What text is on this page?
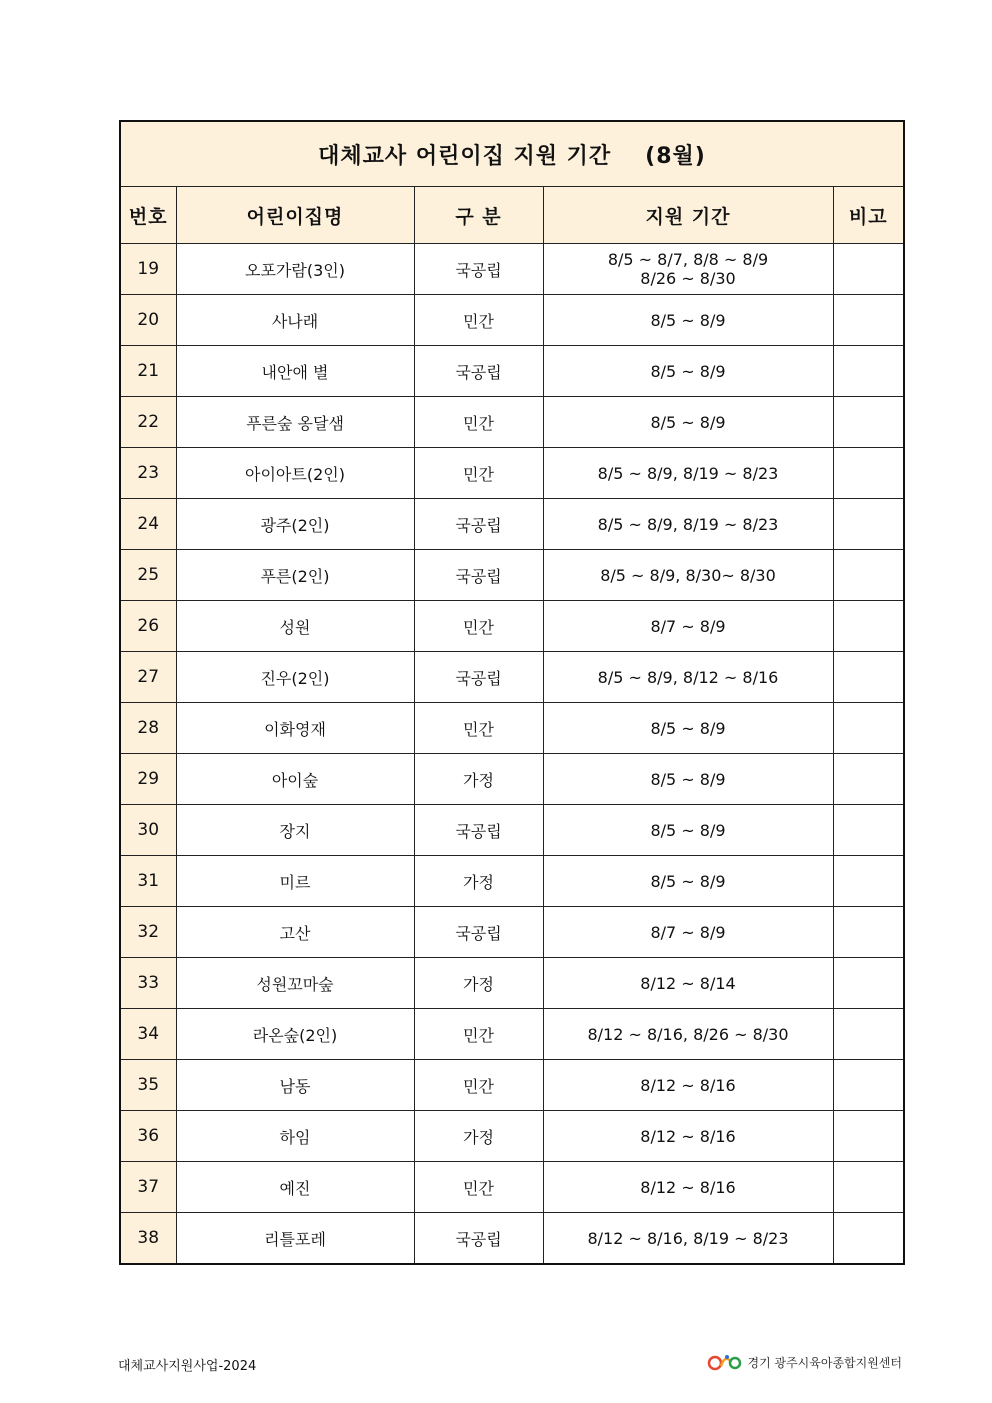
대체교사 어린이집 지원 기간 (8월)				
번호	어린이집명	구 분	지원 기간	비고
19	오포가람(3인)	국공립	8/5 ~ 8/7, 8/8 ~ 8/9
8/26 ~ 8/30	

20	사나래	민간	8/5 ~ 8/9	

21	내안애 별	국공립	8/5 ~ 8/9	

22	푸른숲 옹달샘	민간	8/5 ~ 8/9	

23	아이아트(2인)	민간	8/5 ~ 8/9, 8/19 ~ 8/23	

24	광주(2인)	국공립	8/5 ~ 8/9, 8/19 ~ 8/23	

25	푸른(2인)	국공립	8/5 ~ 8/9, 8/30~ 8/30	

26	성원	민간	8/7 ~ 8/9	

27	진우(2인)	국공립	8/5 ~ 8/9, 8/12 ~ 8/16	

28	이화영재	민간	8/5 ~ 8/9	

29	아이숲	가정	8/5 ~ 8/9	

30	장지	국공립	8/5 ~ 8/9	

31	미르	가정	8/5 ~ 8/9	

32	고산	국공립	8/7 ~ 8/9	

33	성원꼬마숲	가정	8/12 ~ 8/14	

34	라온숲(2인)	민간	8/12 ~ 8/16, 8/26 ~ 8/30	

35	남동	민간	8/12 ~ 8/16	

36	하임	가정	8/12 ~ 8/16	

37	예진	민간	8/12 ~ 8/16	

38	리틀포레	국공립	8/12 ~ 8/16, 8/19 ~ 8/23	

대체교사지원사업-2024	경기 광주시육아종합지원센터
